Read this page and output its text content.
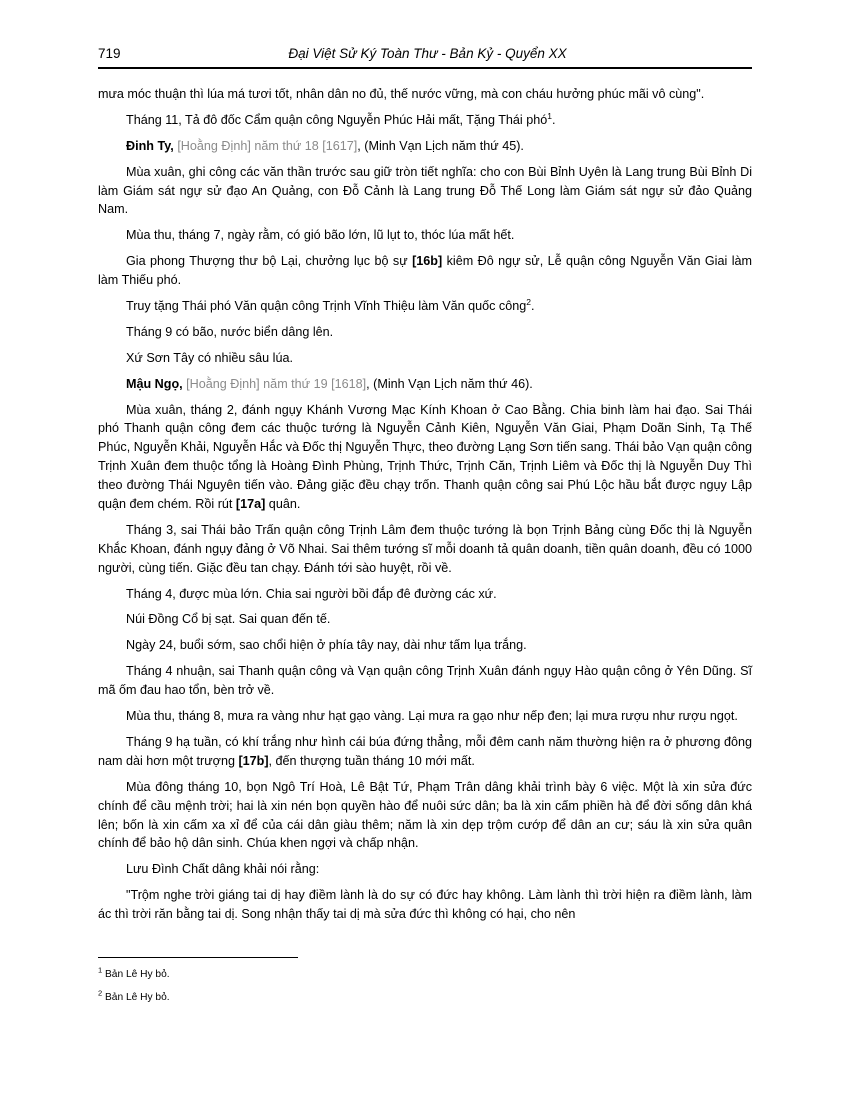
719	Đại Việt Sử Ký Toàn Thư - Bản Kỷ - Quyển XX

mưa móc thuận thì lúa má tươi tốt, nhân dân no đủ, thế nước vững, mà con cháu hưởng phúc mãi vô cùng".

Tháng 11, Tả đô đốc Cẩm quận công Nguyễn Phúc Hải mất, Tặng Thái phó$^1$.

Đinh Ty, [Hoằng Định] năm thứ 18 [1617], (Minh Vạn Lịch năm thứ 45).

Mùa xuân, ghi công các văn thần trước sau giữ tròn tiết nghĩa: cho con Bùi Bỉnh Uyên là Lang trung Bùi Bỉnh Di làm Giám sát ngự sử đạo An Quảng, con Đỗ Cảnh là Lang trung Đỗ Thế Long làm Giám sát ngự sử đảo Quảng Nam.

Mùa thu, tháng 7, ngày rằm, có gió bão lớn, lũ lụt to, thóc lúa mất hết.

Gia phong Thượng thư bộ Lại, chưởng lục bộ sự [16b] kiêm Đô ngự sử, Lễ quận công Nguyễn Văn Giai làm làm Thiếu phó.

Truy tặng Thái phó Văn quận công Trịnh Vĩnh Thiệu làm Văn quốc công$^2$.

Tháng 9 có bão, nước biển dâng lên.

Xứ Sơn Tây có nhiều sâu lúa.

Mậu Ngọ, [Hoằng Định] năm thứ 19 [1618], (Minh Vạn Lịch năm thứ 46).

Mùa xuân, tháng 2, đánh ngụy Khánh Vương Mạc Kính Khoan ở Cao Bằng. Chia binh làm hai đạo. Sai Thái phó Thanh quận công đem các thuộc tướng là Nguyễn Cảnh Kiên, Nguyễn Văn Giai, Phạm Doãn Sinh, Tạ Thế Phúc, Nguyễn Khải, Nguyễn Hắc và Đốc thị Nguyễn Thực, theo đường Lạng Sơn tiến sang. Thái bảo Vạn quận công Trịnh Xuân đem thuộc tổng là Hoàng Đình Phùng, Trịnh Thức, Trịnh Căn, Trịnh Liêm và Đốc thị là Nguyễn Duy Thì theo đường Thái Nguyên tiến vào. Đảng giặc đều chạy trốn. Thanh quận công sai Phú Lộc hầu bắt được ngụy Lập quận đem chém. Rồi rút [17a] quân.

Tháng 3, sai Thái bảo Trấn quận công Trịnh Lâm đem thuộc tướng là bọn Trịnh Bảng cùng Đốc thị là Nguyễn Khắc Khoan, đánh ngụy đảng ở Võ Nhai. Sai thêm tướng sĩ mỗi doanh tả quân doanh, tiền quân doanh, đều có 1000 người, cùng tiến. Giặc đều tan chạy. Đánh tới sào huyệt, rồi về.

Tháng 4, được mùa lớn. Chia sai người bồi đắp đê đường các xứ.

Núi Đồng Cổ bị sạt. Sai quan đến tế.

Ngày 24, buổi sớm, sao chổi hiện ở phía tây nay, dài như tấm lụa trắng.

Tháng 4 nhuận, sai Thanh quận công và Vạn quận công Trịnh Xuân đánh ngụy Hào quận công ở Yên Dũng. Sĩ mã ốm đau hao tổn, bèn trở về.

Mùa thu, tháng 8, mưa ra vàng như hạt gạo vàng. Lại mưa ra gạo như nếp đen; lại mưa rượu như rượu ngọt.

Tháng 9 hạ tuần, có khí trắng như hình cái búa đứng thẳng, mỗi đêm canh năm thường hiện ra ở phương đông nam dài hơn một trượng [17b], đến thượng tuần tháng 10 mới mất.

Mùa đông tháng 10, bọn Ngô Trí Hoà, Lê Bật Tứ, Phạm Trân dâng khải trình bày 6 việc. Một là xin sửa đức chính để cầu mệnh trời; hai là xin nén bọn quyền hào để nuôi sức dân; ba là xin cấm phiền hà để đời sống dân khá lên; bốn là xin cấm xa xỉ để của cái dân giàu thêm; năm là xin dẹp trộm cướp để dân an cư; sáu là xin sửa quân chính để bảo hộ dân sinh. Chúa khen ngợi và chấp nhận.

Lưu Đình Chất dâng khải nói rằng:

"Trộm nghe trời giáng tai dị hay điềm lành là do sự có đức hay không. Làm lành thì trời hiện ra điềm lành, làm ác thì trời răn bằng tai dị. Song nhận thấy tai dị mà sửa đức thì không có hại, cho nên

$^1$ Bản Lê Hy bỏ.

$^2$ Bản Lê Hy bỏ.
